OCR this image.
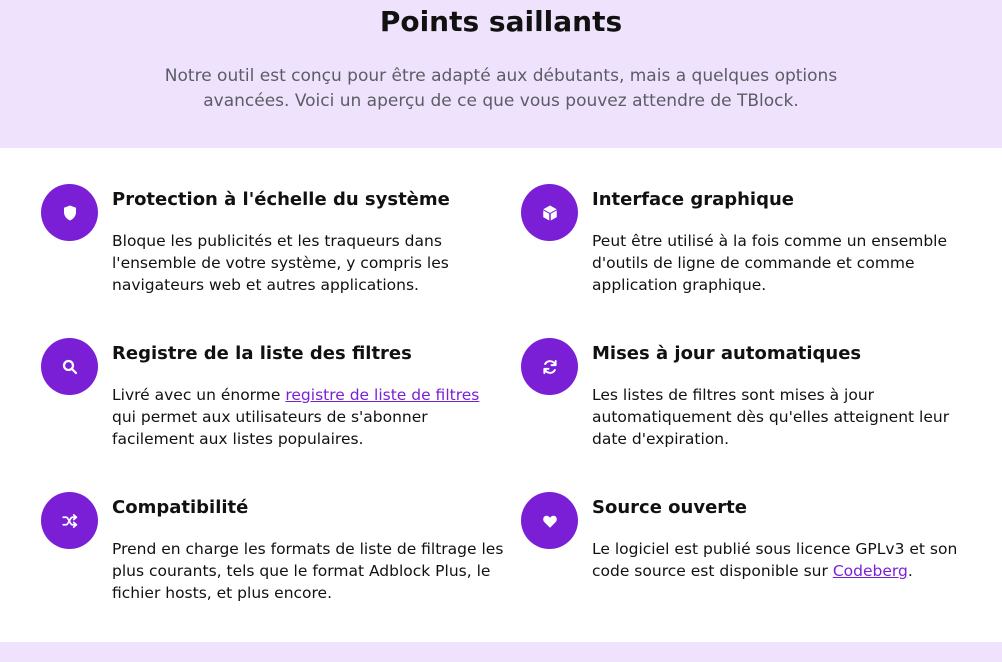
Points saillants

Notre outil est conçu pour être adapté aux débutants, mais a quelques options avancées. Voici un aperçu de ce que vous pouvez attendre de TBlock.

Protection à l'échelle du système

Bloque les publicités et les traqueurs dans l'ensemble de votre système, y compris les navigateurs web et autres applications.

Interface graphique

Peut être utilisé à la fois comme un ensemble d'outils de ligne de commande et comme application graphique.

Registre de la liste des filtres

Livré avec un énorme registre de liste de filtres qui permet aux utilisateurs de s'abonner facilement aux listes populaires.

Mises à jour automatiques

Les listes de filtres sont mises à jour automatiquement dès qu'elles atteignent leur date d'expiration.

Compatibilité

Prend en charge les formats de liste de filtrage les plus courants, tels que le format Adblock Plus, le fichier hosts, et plus encore.

Source ouverte

Le logiciel est publié sous licence GPLv3 et son code source est disponible sur Codeberg.
